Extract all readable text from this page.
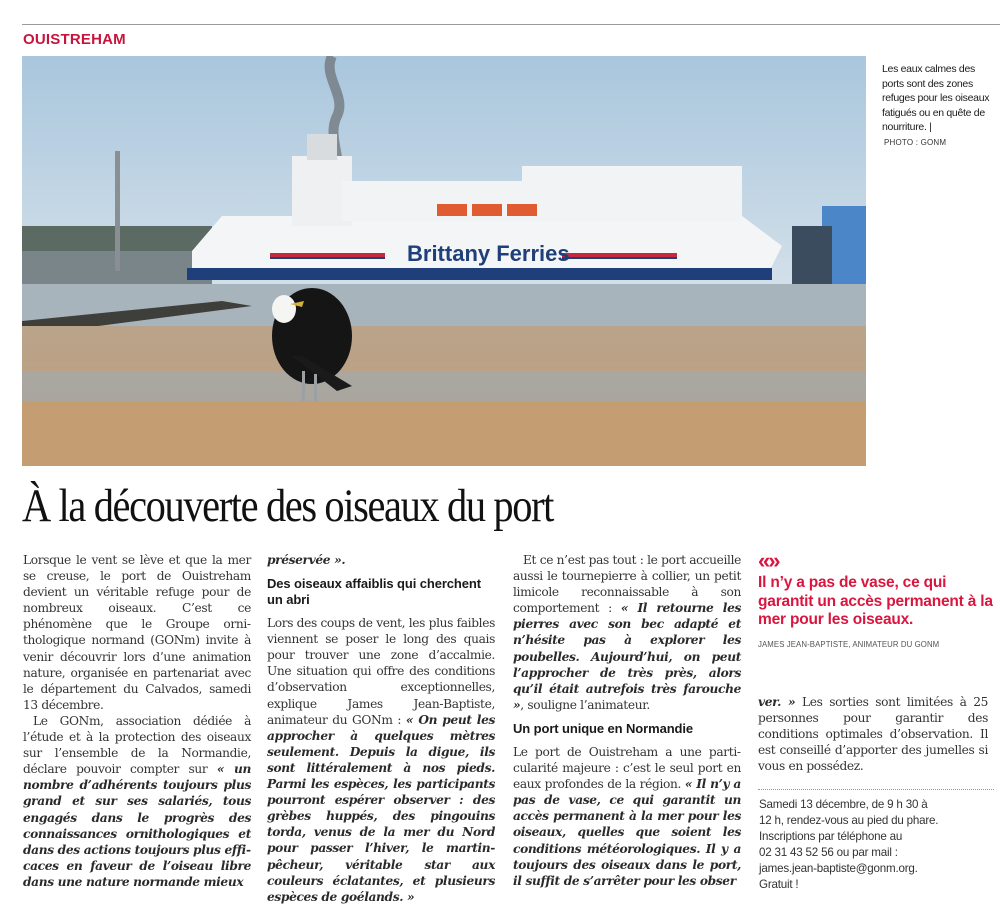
OUISTREHAM
Brittany Ferries
Les eaux calmes des ports sont des zones refuges pour les oiseaux fatigués ou en quête de nourriture. |
PHOTO : GONM
À la découverte des oiseaux du port

Lorsque le vent se lève et que la mer se creuse, le port de Ouistreham devient un véritable refuge pour de nombreux oiseaux. C’est ce phénomène que le Groupe ornithologique normand (GONm) invite à venir découvrir lors d’une animation nature, organisée en partenariat avec le département du Calvados, samedi 13 décembre.

Le GONm, association dédiée à l’étude et à la protection des oiseaux sur l’ensemble de la Normandie, déclare pouvoir compter sur « un nombre d’adhérents toujours plus grand et sur ses salariés, tous engagés dans le progrès des connaissances ornithologiques et dans des actions toujours plus efficaces en faveur de l’oiseau libre dans une nature normande mieux

préservée ».

Des oiseaux affaiblis qui cherchent un abri

Lors des coups de vent, les plus faibles viennent se poser le long des quais pour trouver une zone d’accalmie. Une situation qui offre des conditions d’observation exceptionnelles, explique James Jean-Baptiste, animateur du GONm : « On peut les approcher à quelques mètres seulement. Depuis la digue, ils sont littéralement à nos pieds. Parmi les espèces, les participants pourront espérer observer : des grèbes huppés, des pingouins torda, venus de la mer du Nord pour passer l’hiver, le martin-pêcheur, véritable star aux couleurs éclatantes, et plusieurs espèces de goélands. »

Et ce n’est pas tout : le port accueille aussi le tournepierre à collier, un petit limicole reconnaissable à son comportement : « Il retourne les pierres avec son bec adapté et n’hésite pas à explorer les poubelles. Aujourd’hui, on peut l’approcher de très près, alors qu’il était autrefois très farouche », souligne l’animateur.

Un port unique en Normandie

Le port de Ouistreham a une particularité majeure : c’est le seul port en eaux profondes de la région. « Il n’y a pas de vase, ce qui garantit un accès permanent à la mer pour les oiseaux, quelles que soient les conditions météorologiques. Il y a toujours des oiseaux dans le port, il suffit de s’arrêter pour les obser

«»
Il n’y a pas de vase, ce qui garantit un accès permanent à la mer pour les oiseaux.
JAMES JEAN-BAPTISTE, ANIMATEUR DU GONM

ver. » Les sorties sont limitées à 25 personnes pour garantir des conditions optimales d’observation. Il est conseillé d’apporter des jumelles si vous en possédez.

Samedi 13 décembre, de 9 h 30 à

12 h, rendez-vous au pied du phare.

Inscriptions par téléphone au

02 31 43 52 56 ou par mail :

james.jean-baptiste@gonm.org.

Gratuit !
